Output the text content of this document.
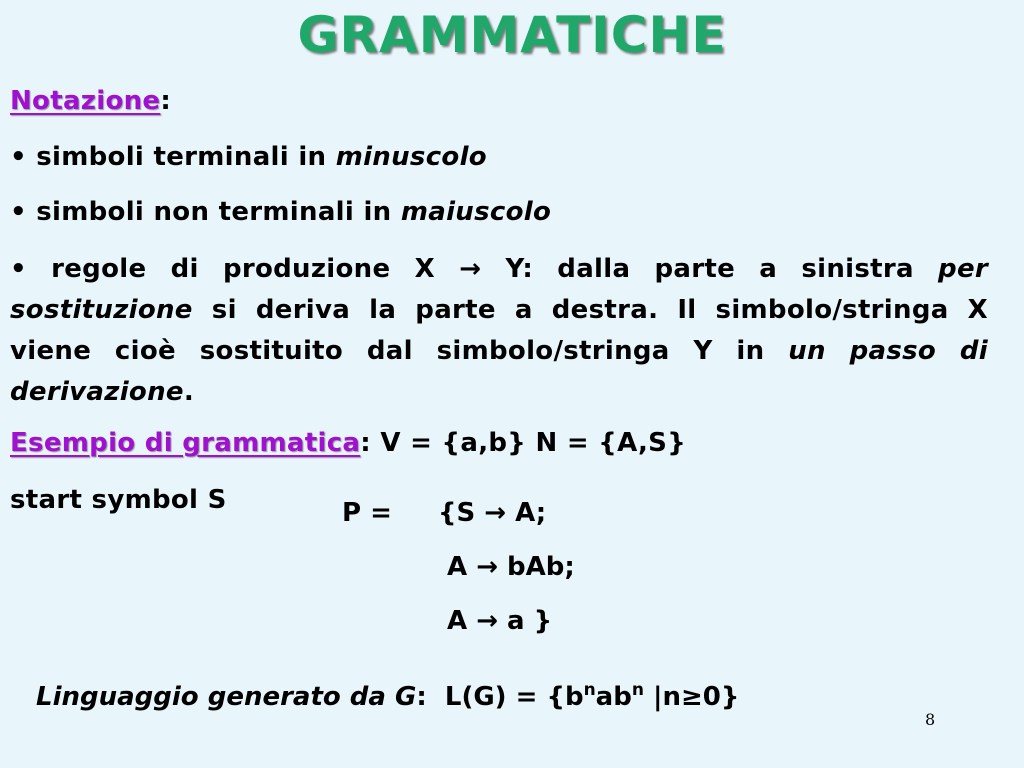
GRAMMATICHE
Notazione:
• simboli terminali in minuscolo
• simboli non terminali in maiuscolo
• regole di produzione X → Y: dalla parte a sinistra per sostituzione si deriva la parte a destra. Il simbolo/stringa X viene cioè sostituito dal simbolo/stringa Y in un passo di derivazione.
Esempio di grammatica: V = {a,b} N = {A,S}
start symbol S	P = {S → A;
A → bAb;
A → a }
Linguaggio generato da G: $L(G) = \{b^nab^n$ |n≥0}
8
